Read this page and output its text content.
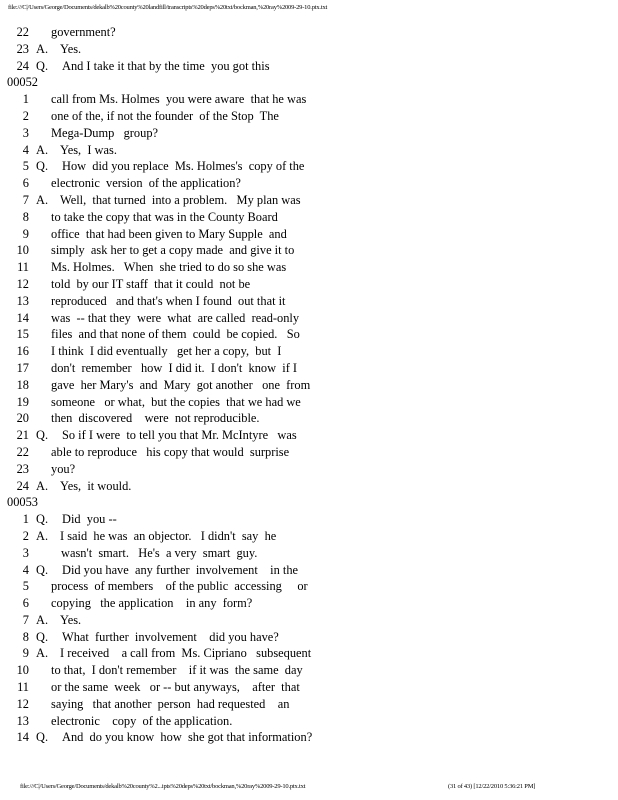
file:///C|/Users/George/Documents/dekalb%20county%20landfill/transcripts%20deps%20txt/bockman,%20ray%2009-29-10.ptx.txt
22 government?
23 A. Yes.
24 Q. And I take it that by the time  you got this
00052
1 call from Ms. Holmes  you were aware  that he was
2 one of the, if not the founder  of the Stop  The
3 Mega-Dump   group?
4 A. Yes,  I was.
5 Q. How  did you replace  Ms. Holmes's  copy of the
6 electronic  version  of the application?
7 A. Well,  that turned  into a problem.   My plan was
8 to take the copy that was in the County Board
9 office  that had been given to Mary Supple  and
10 simply  ask her to get a copy made  and give it to
11 Ms. Holmes.   When  she tried to do so she was
12 told  by our IT staff  that it could  not be
13 reproduced   and that's when I found  out that it
14 was  -- that they  were  what  are called  read-only
15 files  and that none of them  could  be copied.   So
16 I think  I did eventually   get her a copy,  but  I
17 don't  remember   how  I did it.  I don't  know  if I
18 gave  her Mary's  and  Mary  got another   one  from
19 someone   or what,  but the copies  that we had we
20 then  discovered    were  not reproducible.
21 Q. So if I were  to tell you that Mr. McIntyre   was
22 able to reproduce   his copy that would  surprise
23 you?
24 A. Yes,  it would.
00053
1 Q. Did  you --
2 A. I said  he was  an objector.   I didn't  say  he
3	wasn't  smart.   He's  a very  smart  guy.
4 Q. Did you have  any further  involvement    in the
5 process  of members    of the public  accessing     or
6 copying   the application    in any  form?
7 A. Yes.
8 Q. What  further  involvement    did you have?
9 A. I received    a call from  Ms. Cipriano   subsequent
10 to that,  I don't remember    if it was  the same  day
11 or the same  week   or -- but anyways,    after  that
12 saying   that another  person  had requested    an
13 electronic    copy  of the application.
14 Q. And  do you know  how  she got that information?
file:///C|/Users/George/Documents/dekalb%20county%2...ipts%20deps%20txt/bockman,%20ray%2009-29-10.ptx.txt	(31 of 43) [12/22/2010 5:36:21 PM]
